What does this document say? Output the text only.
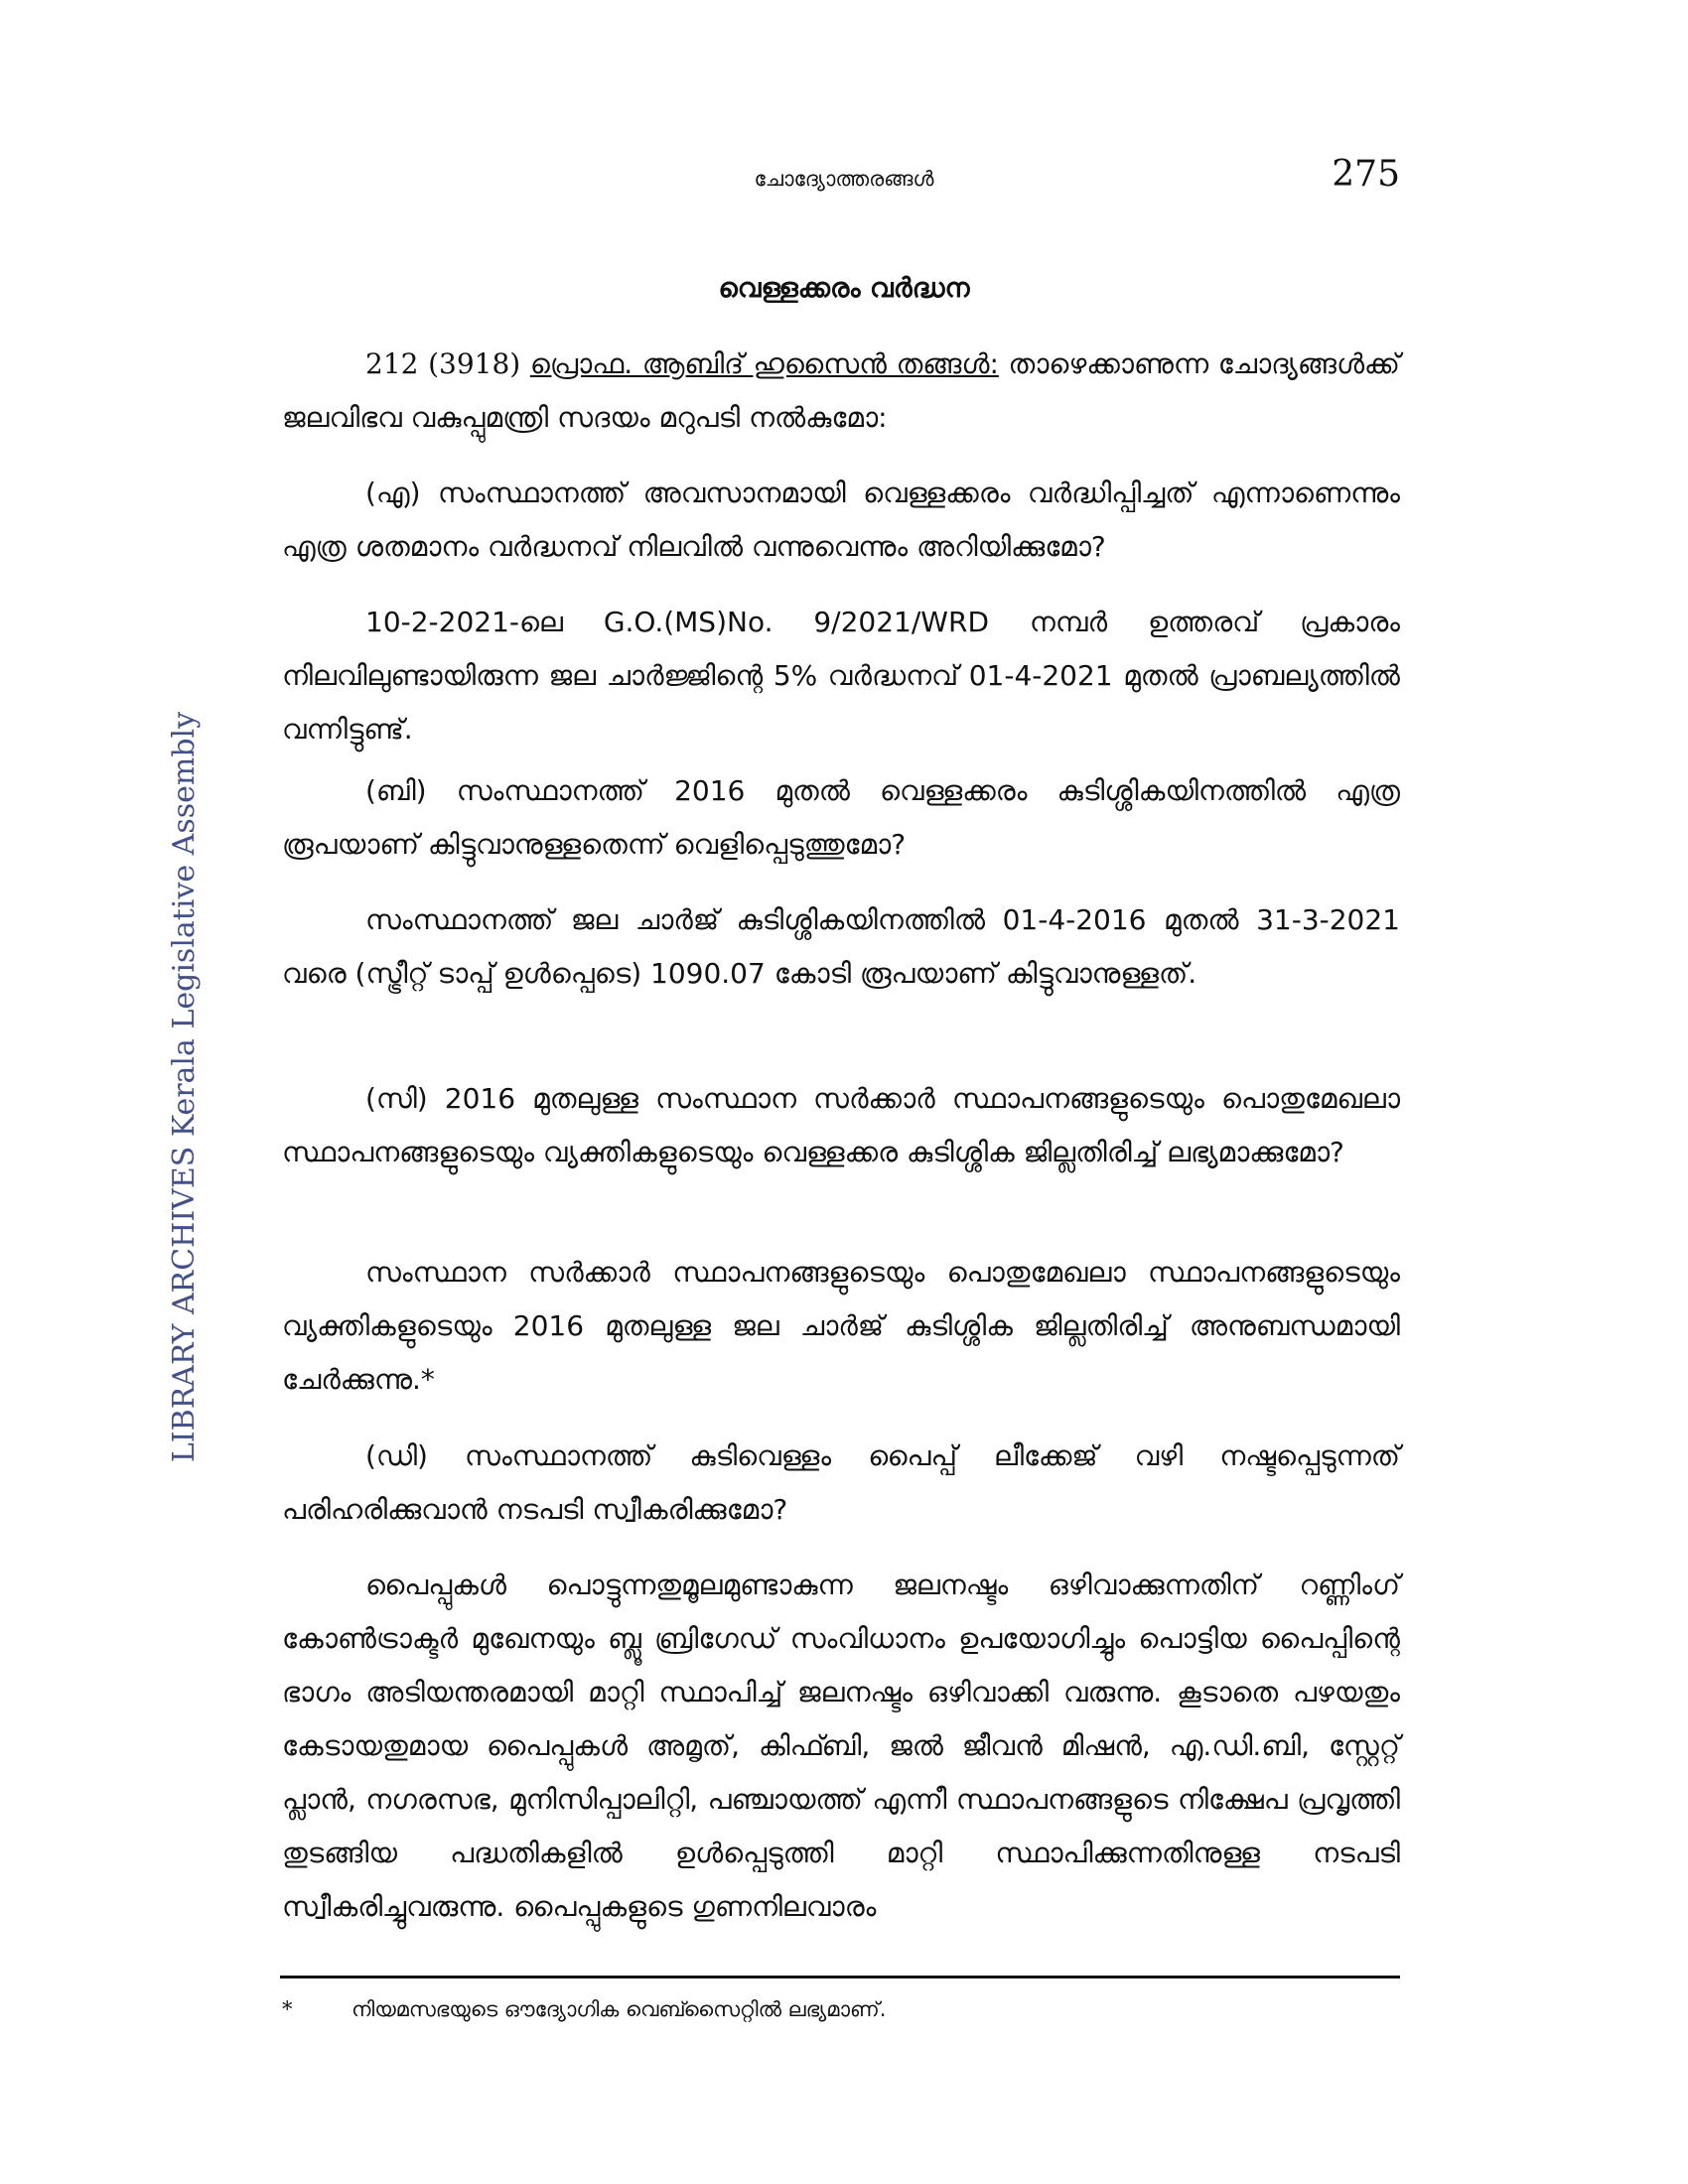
ചോദ്യോത്തരങ്ങൾ	275
LIBRARY ARCHIVES Kerala Legislative Assembly
വെള്ളക്കരം വർദ്ധന

212 (3918) പ്രൊഫ. ആബിദ് ഹുസൈൻ തങ്ങൾ: താഴെക്കാണുന്ന ചോദ്യങ്ങൾക്ക് ജലവിഭവ വകുപ്പുമന്ത്രി സദയം മറുപടി നൽകുമോ:

(എ) സംസ്ഥാനത്ത് അവസാനമായി വെള്ളക്കരം വർദ്ധിപ്പിച്ചത് എന്നാണെന്നും എത്ര ശതമാനം വർദ്ധനവ് നിലവിൽ വന്നുവെന്നും അറിയിക്കുമോ?

10-2-2021-ലെ G.O.(MS)No. 9/2021/WRD നമ്പർ ഉത്തരവ് പ്രകാരം നിലവിലുണ്ടായിരുന്ന ജല ചാർജ്ജിന്റെ 5% വർദ്ധനവ് 01-4-2021 മുതൽ പ്രാബല്യത്തിൽ വന്നിട്ടുണ്ട്.

(ബി) സംസ്ഥാനത്ത് 2016 മുതൽ വെള്ളക്കരം കുടിശ്ശികയിനത്തിൽ എത്ര രൂപയാണ് കിട്ടുവാനുള്ളതെന്ന് വെളിപ്പെടുത്തുമോ?

സംസ്ഥാനത്ത് ജല ചാർജ് കുടിശ്ശികയിനത്തിൽ 01-4-2016 മുതൽ 31-3-2021 വരെ (സ്ട്രീറ്റ് ടാപ്പ് ഉൾപ്പെടെ) 1090.07 കോടി രൂപയാണ് കിട്ടുവാനുള്ളത്.

(സി) 2016 മുതലുള്ള സംസ്ഥാന സർക്കാർ സ്ഥാപനങ്ങളുടെയും പൊതുമേഖലാ സ്ഥാപനങ്ങളുടെയും വ്യക്തികളുടെയും വെള്ളക്കര കുടിശ്ശിക ജില്ലതിരിച്ച് ലഭ്യമാക്കുമോ?

സംസ്ഥാന സർക്കാർ സ്ഥാപനങ്ങളുടെയും പൊതുമേഖലാ സ്ഥാപനങ്ങളുടെയും വ്യക്തികളുടെയും 2016 മുതലുള്ള ജല ചാർജ് കുടിശ്ശിക ജില്ലതിരിച്ച് അനുബന്ധമായി ചേർക്കുന്നു.*

(ഡി) സംസ്ഥാനത്ത് കുടിവെള്ളം പൈപ്പ് ലീക്കേജ് വഴി നഷ്ടപ്പെടുന്നത് പരിഹരിക്കുവാൻ നടപടി സ്വീകരിക്കുമോ?

പൈപ്പുകൾ പൊട്ടുന്നതുമൂലമുണ്ടാകുന്ന ജലനഷ്ടം ഒഴിവാക്കുന്നതിന് റണ്ണിംഗ് കോൺട്രാക്ടർ മുഖേനയും ബ്ലൂ ബ്രിഗേഡ് സംവിധാനം ഉപയോഗിച്ചും പൊട്ടിയ പൈപ്പിന്റെ ഭാഗം അടിയന്തരമായി മാറ്റി സ്ഥാപിച്ച് ജലനഷ്ടം ഒഴിവാക്കി വരുന്നു. കൂടാതെ പഴയതും കേടായതുമായ പൈപ്പുകൾ അമൃത്, കിഫ്ബി, ജൽ ജീവൻ മിഷൻ, എ.ഡി.ബി, സ്റ്റേറ്റ് പ്ലാൻ, നഗരസഭ, മുനിസിപ്പാലിറ്റി, പഞ്ചായത്ത് എന്നീ സ്ഥാപനങ്ങളുടെ നിക്ഷേപ പ്രവൃത്തി തുടങ്ങിയ പദ്ധതികളിൽ ഉൾപ്പെടുത്തി മാറ്റി സ്ഥാപിക്കുന്നതിനുള്ള നടപടി സ്വീകരിച്ചുവരുന്നു. പൈപ്പുകളുടെ ഗുണനിലവാരം

*	നിയമസഭയുടെ ഔദ്യോഗിക വെബ്സൈറ്റിൽ ലഭ്യമാണ്.
